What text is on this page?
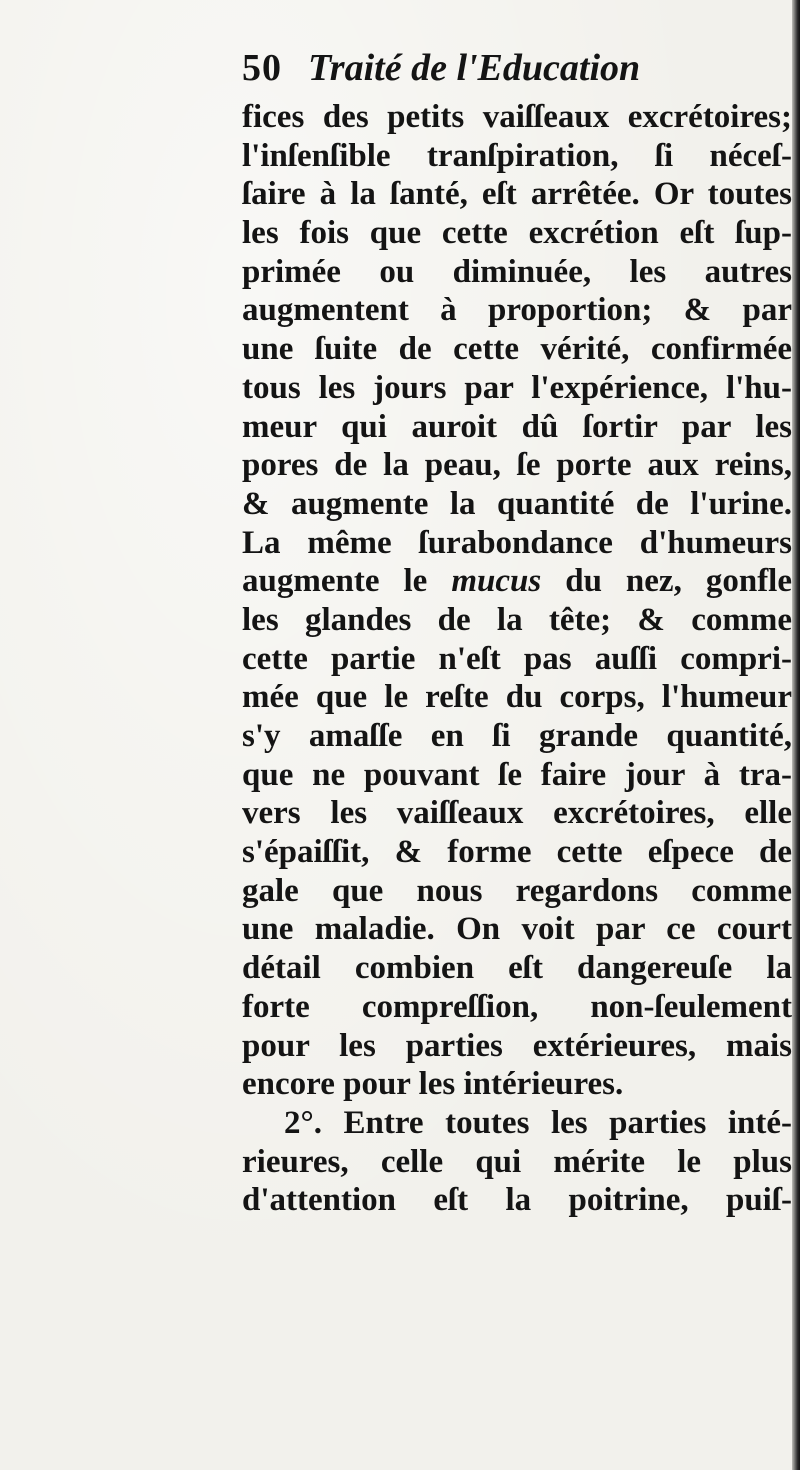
50 Traité de l'Education
fices des petits vaiſſeaux excrétoires;
l'inſenſible tranſpiration, ſi néceſ-
ſaire à la ſanté, eſt arrêtée. Or toutes
les fois que cette excrétion eſt ſup-
primée ou diminuée, les autres
augmentent à proportion; & par
une ſuite de cette vérité, confirmée
tous les jours par l'expérience, l'hu-
meur qui auroit dû ſortir par les
pores de la peau, ſe porte aux reins,
& augmente la quantité de l'urine.
La même ſurabondance d'humeurs
augmente le mucus du nez, gonfle
les glandes de la tête; & comme
cette partie n'eſt pas auſſi compri-
mée que le reſte du corps, l'humeur
s'y amaſſe en ſi grande quantité,
que ne pouvant ſe faire jour à tra-
vers les vaiſſeaux excrétoires, elle
s'épaiſſit, & forme cette eſpece de
gale que nous regardons comme
une maladie. On voit par ce court
détail combien eſt dangereuſe la
forte compreſſion, non-ſeulement
pour les parties extérieures, mais
encore pour les intérieures.
2°. Entre toutes les parties inté-
rieures, celle qui mérite le plus
d'attention eſt la poitrine, puiſ-
